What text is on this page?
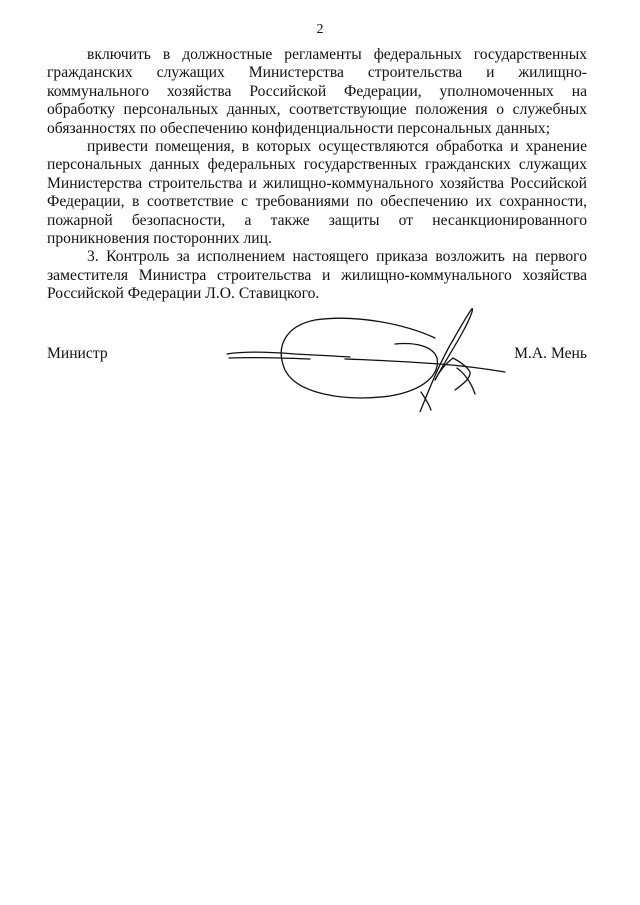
2

включить в должностные регламенты федеральных государственных гражданских служащих Министерства строительства и жилищно-коммунального хозяйства Российской Федерации, уполномоченных на обработку персональных данных, соответствующие положения о служебных обязанностях по обеспечению конфиденциальности персональных данных;

привести помещения, в которых осуществляются обработка и хранение персональных данных федеральных государственных гражданских служащих Министерства строительства и жилищно-коммунального хозяйства Российской Федерации, в соответствие с требованиями по обеспечению их сохранности, пожарной безопасности, а также защиты от несанкционированного проникновения посторонних лиц.

3. Контроль за исполнением настоящего приказа возложить на первого заместителя Министра строительства и жилищно-коммунального хозяйства Российской Федерации Л.О. Ставицкого.

Министр	М.А. Мень
